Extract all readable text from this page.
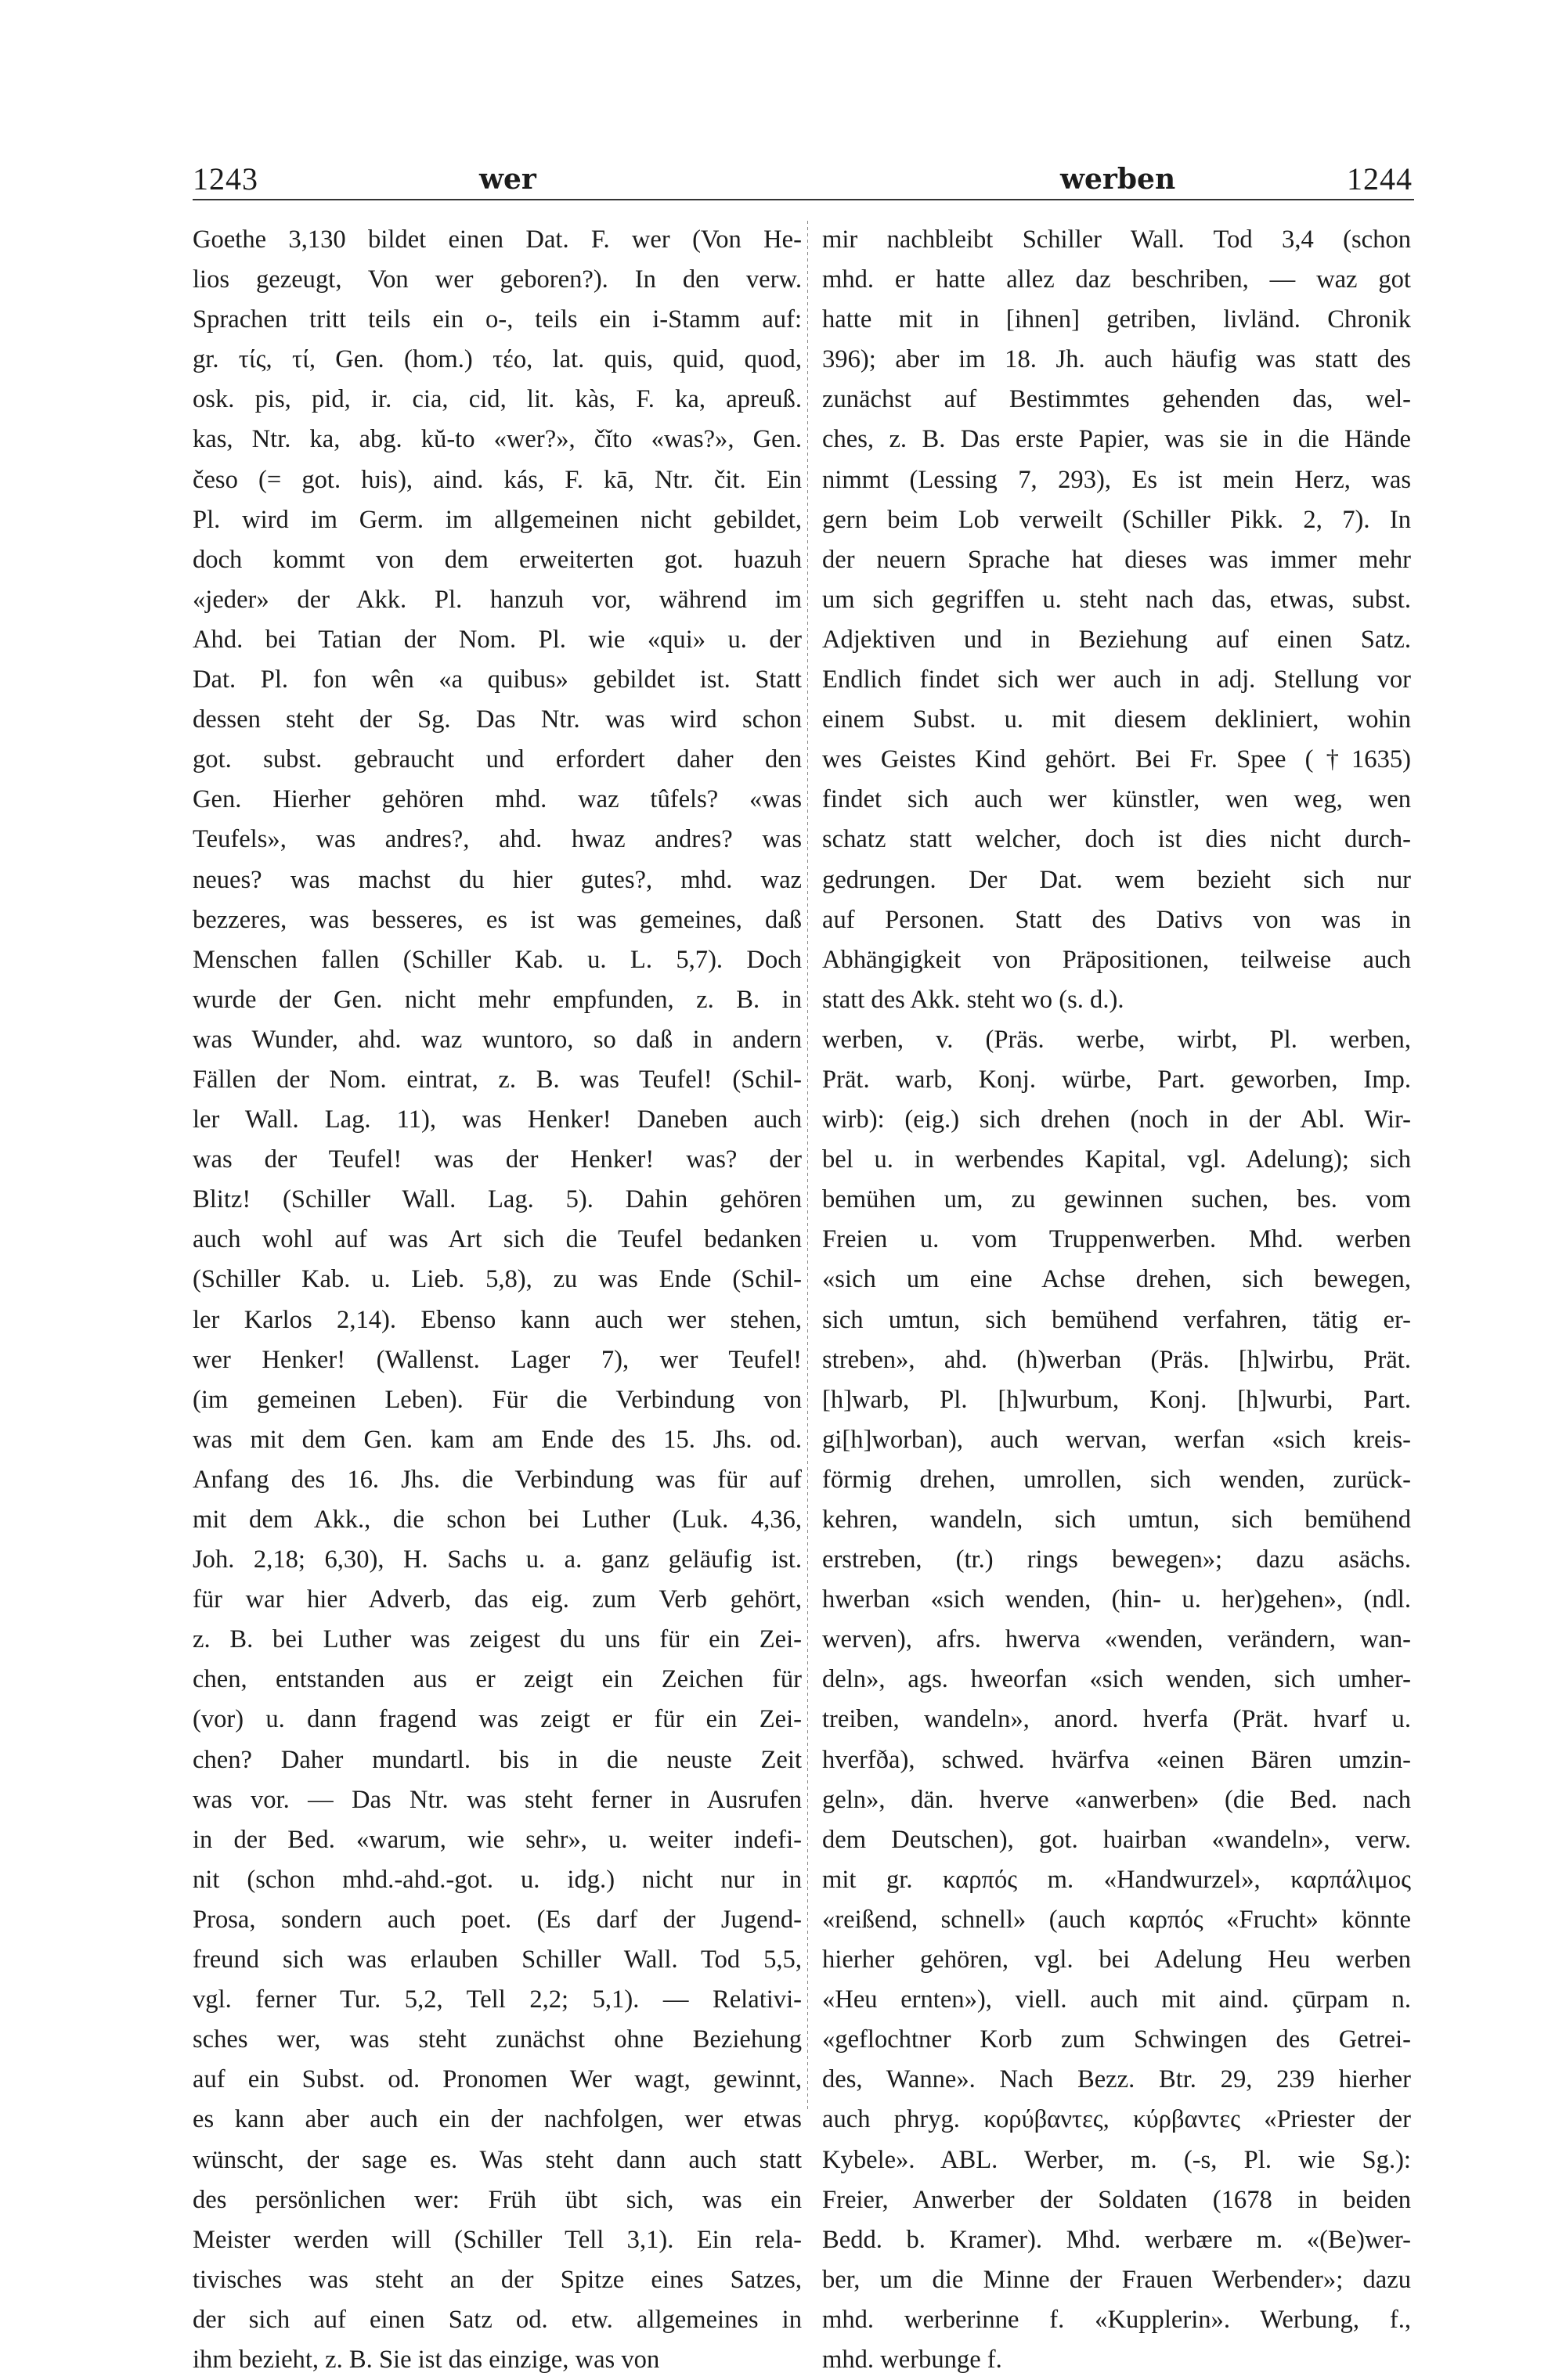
1243	wer	werben	1244
Goethe 3,130 bildet einen Dat. F. wer (Von He-
lios gezeugt, Von wer geboren?). In den verw.
Sprachen tritt teils ein o-, teils ein i-Stamm auf:
gr. τίς, τί, Gen. (hom.) τέο, lat. quis, quid, quod,
osk. pis, pid, ir. cia, cid, lit. kàs, F. ka, apreuß.
kas, Ntr. ka, abg. kŭ-to «wer?», čĭto «was?», Gen.
česo (= got. ƕis), aind. kás, F. kā, Ntr. čit. Ein
Pl. wird im Germ. im allgemeinen nicht gebildet,
doch kommt von dem erweiterten got. ƕazuh
«jeder» der Akk. Pl. hanzuh vor, während im
Ahd. bei Tatian der Nom. Pl. wie «qui» u. der
Dat. Pl. fon wên «a quibus» gebildet ist. Statt
dessen steht der Sg. Das Ntr. was wird schon
got. subst. gebraucht und erfordert daher den
Gen. Hierher gehören mhd. waz tûfels? «was
Teufels», was andres?, ahd. hwaz andres? was
neues? was machst du hier gutes?, mhd. waz
bezzeres, was besseres, es ist was gemeines, daß
Menschen fallen (Schiller Kab. u. L. 5,7). Doch
wurde der Gen. nicht mehr empfunden, z. B. in
was Wunder, ahd. waz wuntoro, so daß in andern
Fällen der Nom. eintrat, z. B. was Teufel! (Schil-
ler Wall. Lag. 11), was Henker! Daneben auch
was der Teufel! was der Henker! was? der
Blitz! (Schiller Wall. Lag. 5). Dahin gehören
auch wohl auf was Art sich die Teufel bedanken
(Schiller Kab. u. Lieb. 5,8), zu was Ende (Schil-
ler Karlos 2,14). Ebenso kann auch wer stehen,
wer Henker! (Wallenst. Lager 7), wer Teufel!
(im gemeinen Leben). Für die Verbindung von
was mit dem Gen. kam am Ende des 15. Jhs. od.
Anfang des 16. Jhs. die Verbindung was für auf
mit dem Akk., die schon bei Luther (Luk. 4,36,
Joh. 2,18; 6,30), H. Sachs u. a. ganz geläufig ist.
für war hier Adverb, das eig. zum Verb gehört,
z. B. bei Luther was zeigest du uns für ein Zei-
chen, entstanden aus er zeigt ein Zeichen für
(vor) u. dann fragend was zeigt er für ein Zei-
chen? Daher mundartl. bis in die neuste Zeit
was vor. — Das Ntr. was steht ferner in Ausrufen
in der Bed. «warum, wie sehr», u. weiter indefi-
nit (schon mhd.-ahd.-got. u. idg.) nicht nur in
Prosa, sondern auch poet. (Es darf der Jugend-
freund sich was erlauben Schiller Wall. Tod 5,5,
vgl. ferner Tur. 5,2, Tell 2,2; 5,1). — Relativi-
sches wer, was steht zunächst ohne Beziehung
auf ein Subst. od. Pronomen Wer wagt, gewinnt,
es kann aber auch ein der nachfolgen, wer etwas
wünscht, der sage es. Was steht dann auch statt
des persönlichen wer: Früh übt sich, was ein
Meister werden will (Schiller Tell 3,1). Ein rela-
tivisches was steht an der Spitze eines Satzes,
der sich auf einen Satz od. etw. allgemeines in
ihm bezieht, z. B. Sie ist das einzige, was von
mir nachbleibt Schiller Wall. Tod 3,4 (schon
mhd. er hatte allez daz beschriben, — waz got
hatte mit in [ihnen] getriben, livländ. Chronik
396); aber im 18. Jh. auch häufig was statt des
zunächst auf Bestimmtes gehenden das, wel-
ches, z. B. Das erste Papier, was sie in die Hände
nimmt (Lessing 7, 293), Es ist mein Herz, was
gern beim Lob verweilt (Schiller Pikk. 2, 7). In
der neuern Sprache hat dieses was immer mehr
um sich gegriffen u. steht nach das, etwas, subst.
Adjektiven und in Beziehung auf einen Satz.
Endlich findet sich wer auch in adj. Stellung vor
einem Subst. u. mit diesem dekliniert, wohin
wes Geistes Kind gehört. Bei Fr. Spee (†1635)
findet sich auch wer künstler, wen weg, wen
schatz statt welcher, doch ist dies nicht durch-
gedrungen. Der Dat. wem bezieht sich nur
auf Personen. Statt des Dativs von was in
Abhängigkeit von Präpositionen, teilweise auch
statt des Akk. steht wo (s. d.).
werben, v. (Präs. werbe, wirbt, Pl. werben,
Prät. warb, Konj. würbe, Part. geworben, Imp.
wirb): (eig.) sich drehen (noch in der Abl. Wir-
bel u. in werbendes Kapital, vgl. Adelung); sich
bemühen um, zu gewinnen suchen, bes. vom
Freien u. vom Truppenwerben. Mhd. werben
«sich um eine Achse drehen, sich bewegen,
sich umtun, sich bemühend verfahren, tätig er-
streben», ahd. (h)werban (Präs. [h]wirbu, Prät.
[h]warb, Pl. [h]wurbum, Konj. [h]wurbi, Part.
gi[h]worban), auch wervan, werfan «sich kreis-
förmig drehen, umrollen, sich wenden, zurück-
kehren, wandeln, sich umtun, sich bemühend
erstreben, (tr.) rings bewegen»; dazu asächs.
hwerban «sich wenden, (hin- u. her)gehen», (ndl.
werven), afrs. hwerva «wenden, verändern, wan-
deln», ags. hweorfan «sich wenden, sich umher-
treiben, wandeln», anord. hverfa (Prät. hvarf u.
hverfða), schwed. hvärfva «einen Bären umzin-
geln», dän. hverve «anwerben» (die Bed. nach
dem Deutschen), got. ƕairban «wandeln», verw.
mit gr. καρπός m. «Handwurzel», καρπάλιμος
«reißend, schnell» (auch καρπός «Frucht» könnte
hierher gehören, vgl. bei Adelung Heu werben
«Heu ernten»), viell. auch mit aind. çūrpam n.
«geflochtner Korb zum Schwingen des Getrei-
des, Wanne». Nach Bezz. Btr. 29, 239 hierher
auch phryg. κορύβαντες, κύρβαντες «Priester der
Kybele». ABL. Werber, m. (-s, Pl. wie Sg.):
Freier, Anwerber der Soldaten (1678 in beiden
Bedd. b. Kramer). Mhd. werbære m. «(Be)wer-
ber, um die Minne der Frauen Werbender»; dazu
mhd. werberinne f. «Kupplerin». Werbung, f.,
mhd. werbunge f.
